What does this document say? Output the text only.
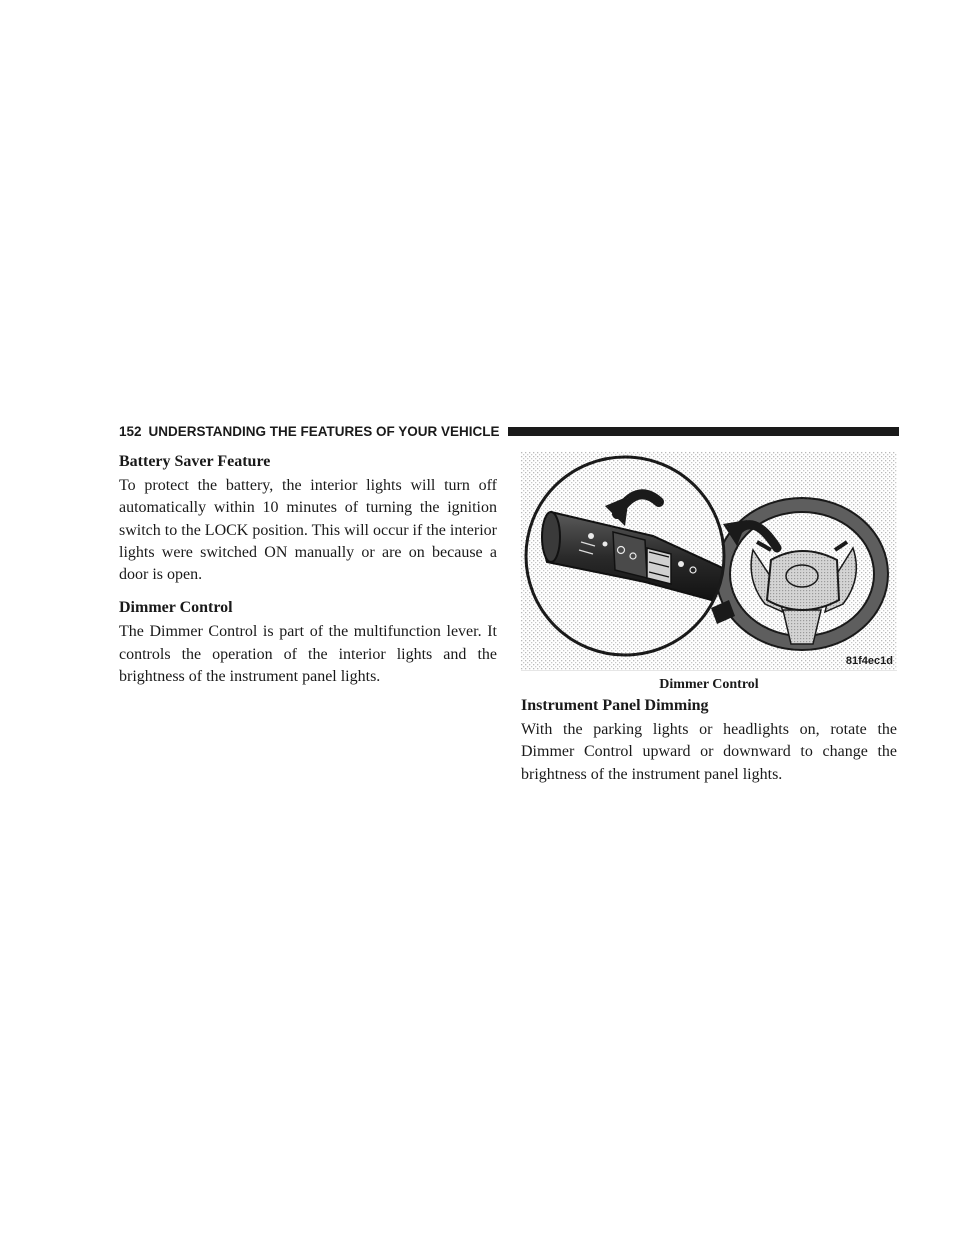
152 UNDERSTANDING THE FEATURES OF YOUR VEHICLE
Battery Saver Feature

To protect the battery, the interior lights will turn off automatically within 10 minutes of turning the ignition switch to the LOCK position. This will occur if the interior lights were switched ON manually or are on because a door is open.

Dimmer Control

The Dimmer Control is part of the multifunction lever. It controls the operation of the interior lights and the brightness of the instrument panel lights.

81f4ec1d
Dimmer Control
Instrument Panel Dimming

With the parking lights or headlights on, rotate the Dimmer Control upward or downward to change the brightness of the instrument panel lights.
